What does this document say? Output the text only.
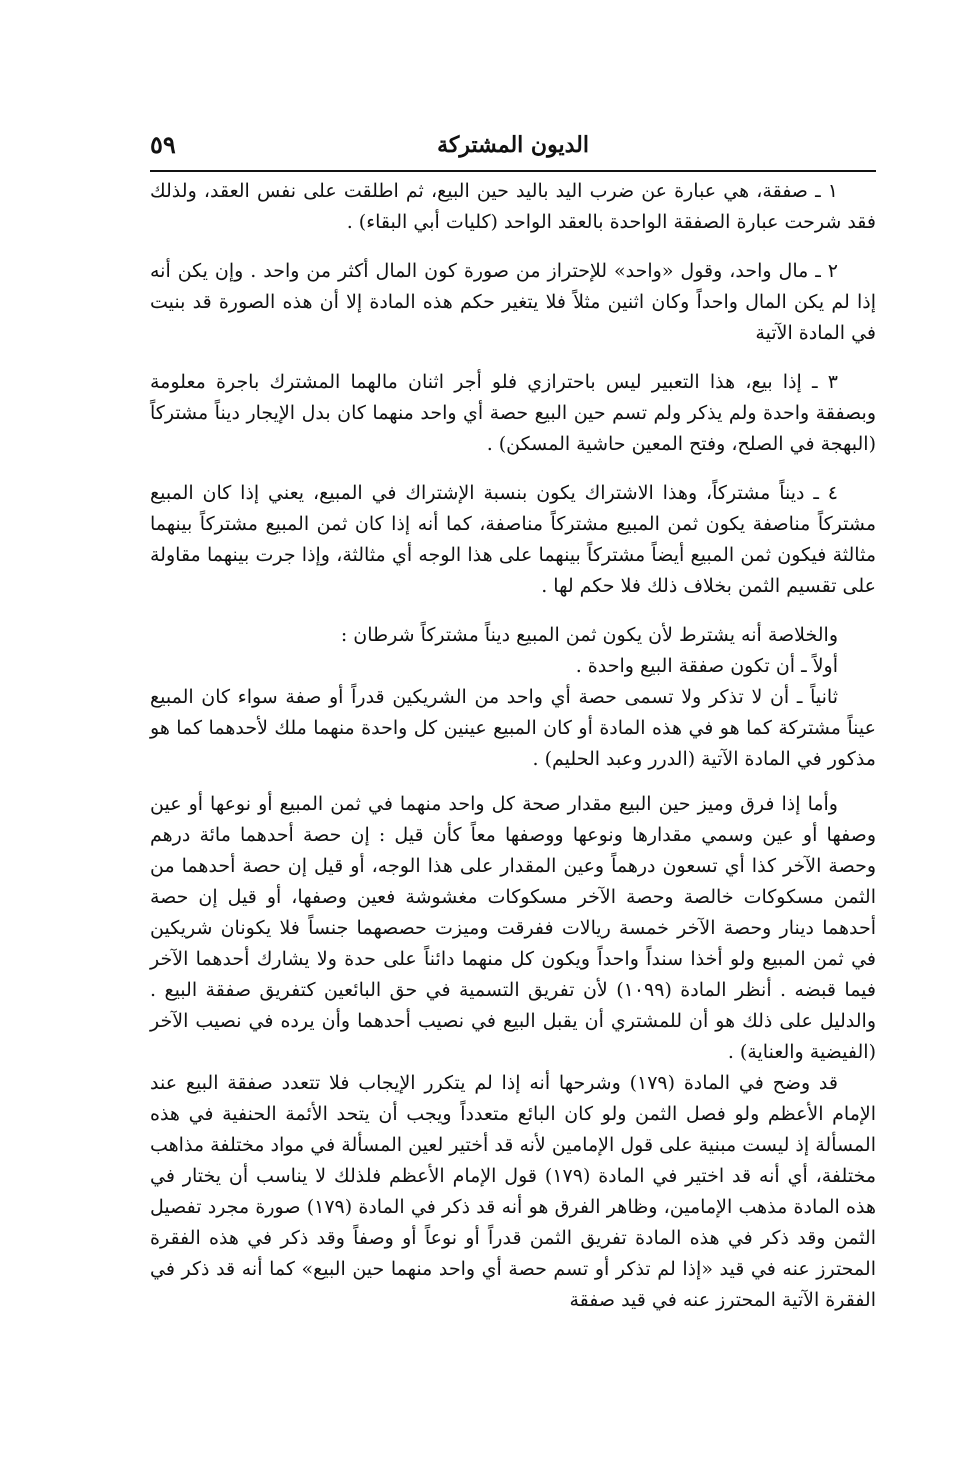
الديون المشتركة
٥٩

١ ـ صفقة، هي عبارة عن ضرب اليد باليد حين البيع، ثم اطلقت على نفس العقد، ولذلك فقد شرحت عبارة الصفقة الواحدة بالعقد الواحد (كليات أبي البقاء) .

٢ ـ مال واحد، وقول «واحد» للإحتراز من صورة كون المال أكثر من واحد . وإن يكن أنه إذا لم يكن المال واحداً وكان اثنين مثلاً فلا يتغير حكم هذه المادة إلا أن هذه الصورة قد بنيت في المادة الآتية

٣ ـ إذا بيع، هذا التعبير ليس باحترازي فلو أجر اثنان مالهما المشترك باجرة معلومة وبصفقة واحدة ولم يذكر ولم تسم حين البيع حصة أي واحد منهما كان بدل الإيجار ديناً مشتركاً (البهجة في الصلح، وفتح المعين حاشية المسكن) .

٤ ـ ديناً مشتركاً، وهذا الاشتراك يكون بنسبة الإشتراك في المبيع، يعني إذا كان المبيع مشتركاً مناصفة يكون ثمن المبيع مشتركاً مناصفة، كما أنه إذا كان ثمن المبيع مشتركاً بينهما مثالثة فيكون ثمن المبيع أيضاً مشتركاً بينهما على هذا الوجه أي مثالثة، وإذا جرت بينهما مقاولة على تقسيم الثمن بخلاف ذلك فلا حكم لها .

والخلاصة أنه يشترط لأن يكون ثمن المبيع ديناً مشتركاً شرطان :

أولاً ـ أن تكون صفقة البيع واحدة .

ثانياً ـ أن لا تذكر ولا تسمى حصة أي واحد من الشريكين قدراً أو صفة سواء كان المبيع عيناً مشتركة كما هو في هذه المادة أو كان المبيع عينين كل واحدة منهما ملك لأحدهما كما هو مذكور في المادة الآتية (الدرر وعبد الحليم) .

وأما إذا فرق وميز حين البيع مقدار صحة كل واحد منهما في ثمن المبيع أو نوعها أو عين وصفها أو عين وسمي مقدارها ونوعها ووصفها معاً كأن قيل : إن حصة أحدهما مائة درهم وحصة الآخر كذا أي تسعون درهماً وعين المقدار على هذا الوجه، أو قيل إن حصة أحدهما من الثمن مسكوكات خالصة وحصة الآخر مسكوكات مغشوشة فعين وصفها، أو قيل إن حصة أحدهما دينار وحصة الآخر خمسة ريالات ففرقت وميزت حصصهما جنساً فلا يكونان شريكين في ثمن المبيع ولو أخذا سنداً واحداً ويكون كل منهما دائناً على حدة ولا يشارك أحدهما الآخر فيما قبضه . أنظر المادة (١٠٩٩) لأن تفريق التسمية في حق البائعين كتفريق صفقة البيع . والدليل على ذلك هو أن للمشتري أن يقبل البيع في نصيب أحدهما وأن يرده في نصيب الآخر (الفيضية والعناية) .

قد وضح في المادة (١٧٩) وشرحها أنه إذا لم يتكرر الإيجاب فلا تتعدد صفقة البيع عند الإمام الأعظم ولو فصل الثمن ولو كان البائع متعدداً ويجب أن يتحد الأئمة الحنفية في هذه المسألة إذ ليست مبنية على قول الإمامين لأنه قد أختير لعين المسألة في مواد مختلفة مذاهب مختلفة، أي أنه قد اختير في المادة (١٧٩) قول الإمام الأعظم فلذلك لا يناسب أن يختار في هذه المادة مذهب الإمامين، وظاهر الفرق هو أنه قد ذكر في المادة (١٧٩) صورة مجرد تفصيل الثمن وقد ذكر في هذه المادة تفريق الثمن قدراً أو نوعاً أو وصفاً وقد ذكر في هذه الفقرة المحترز عنه في قيد «إذا لم تذكر أو تسم حصة أي واحد منهما حين البيع» كما أنه قد ذكر في الفقرة الآتية المحترز عنه في قيد صفقة
